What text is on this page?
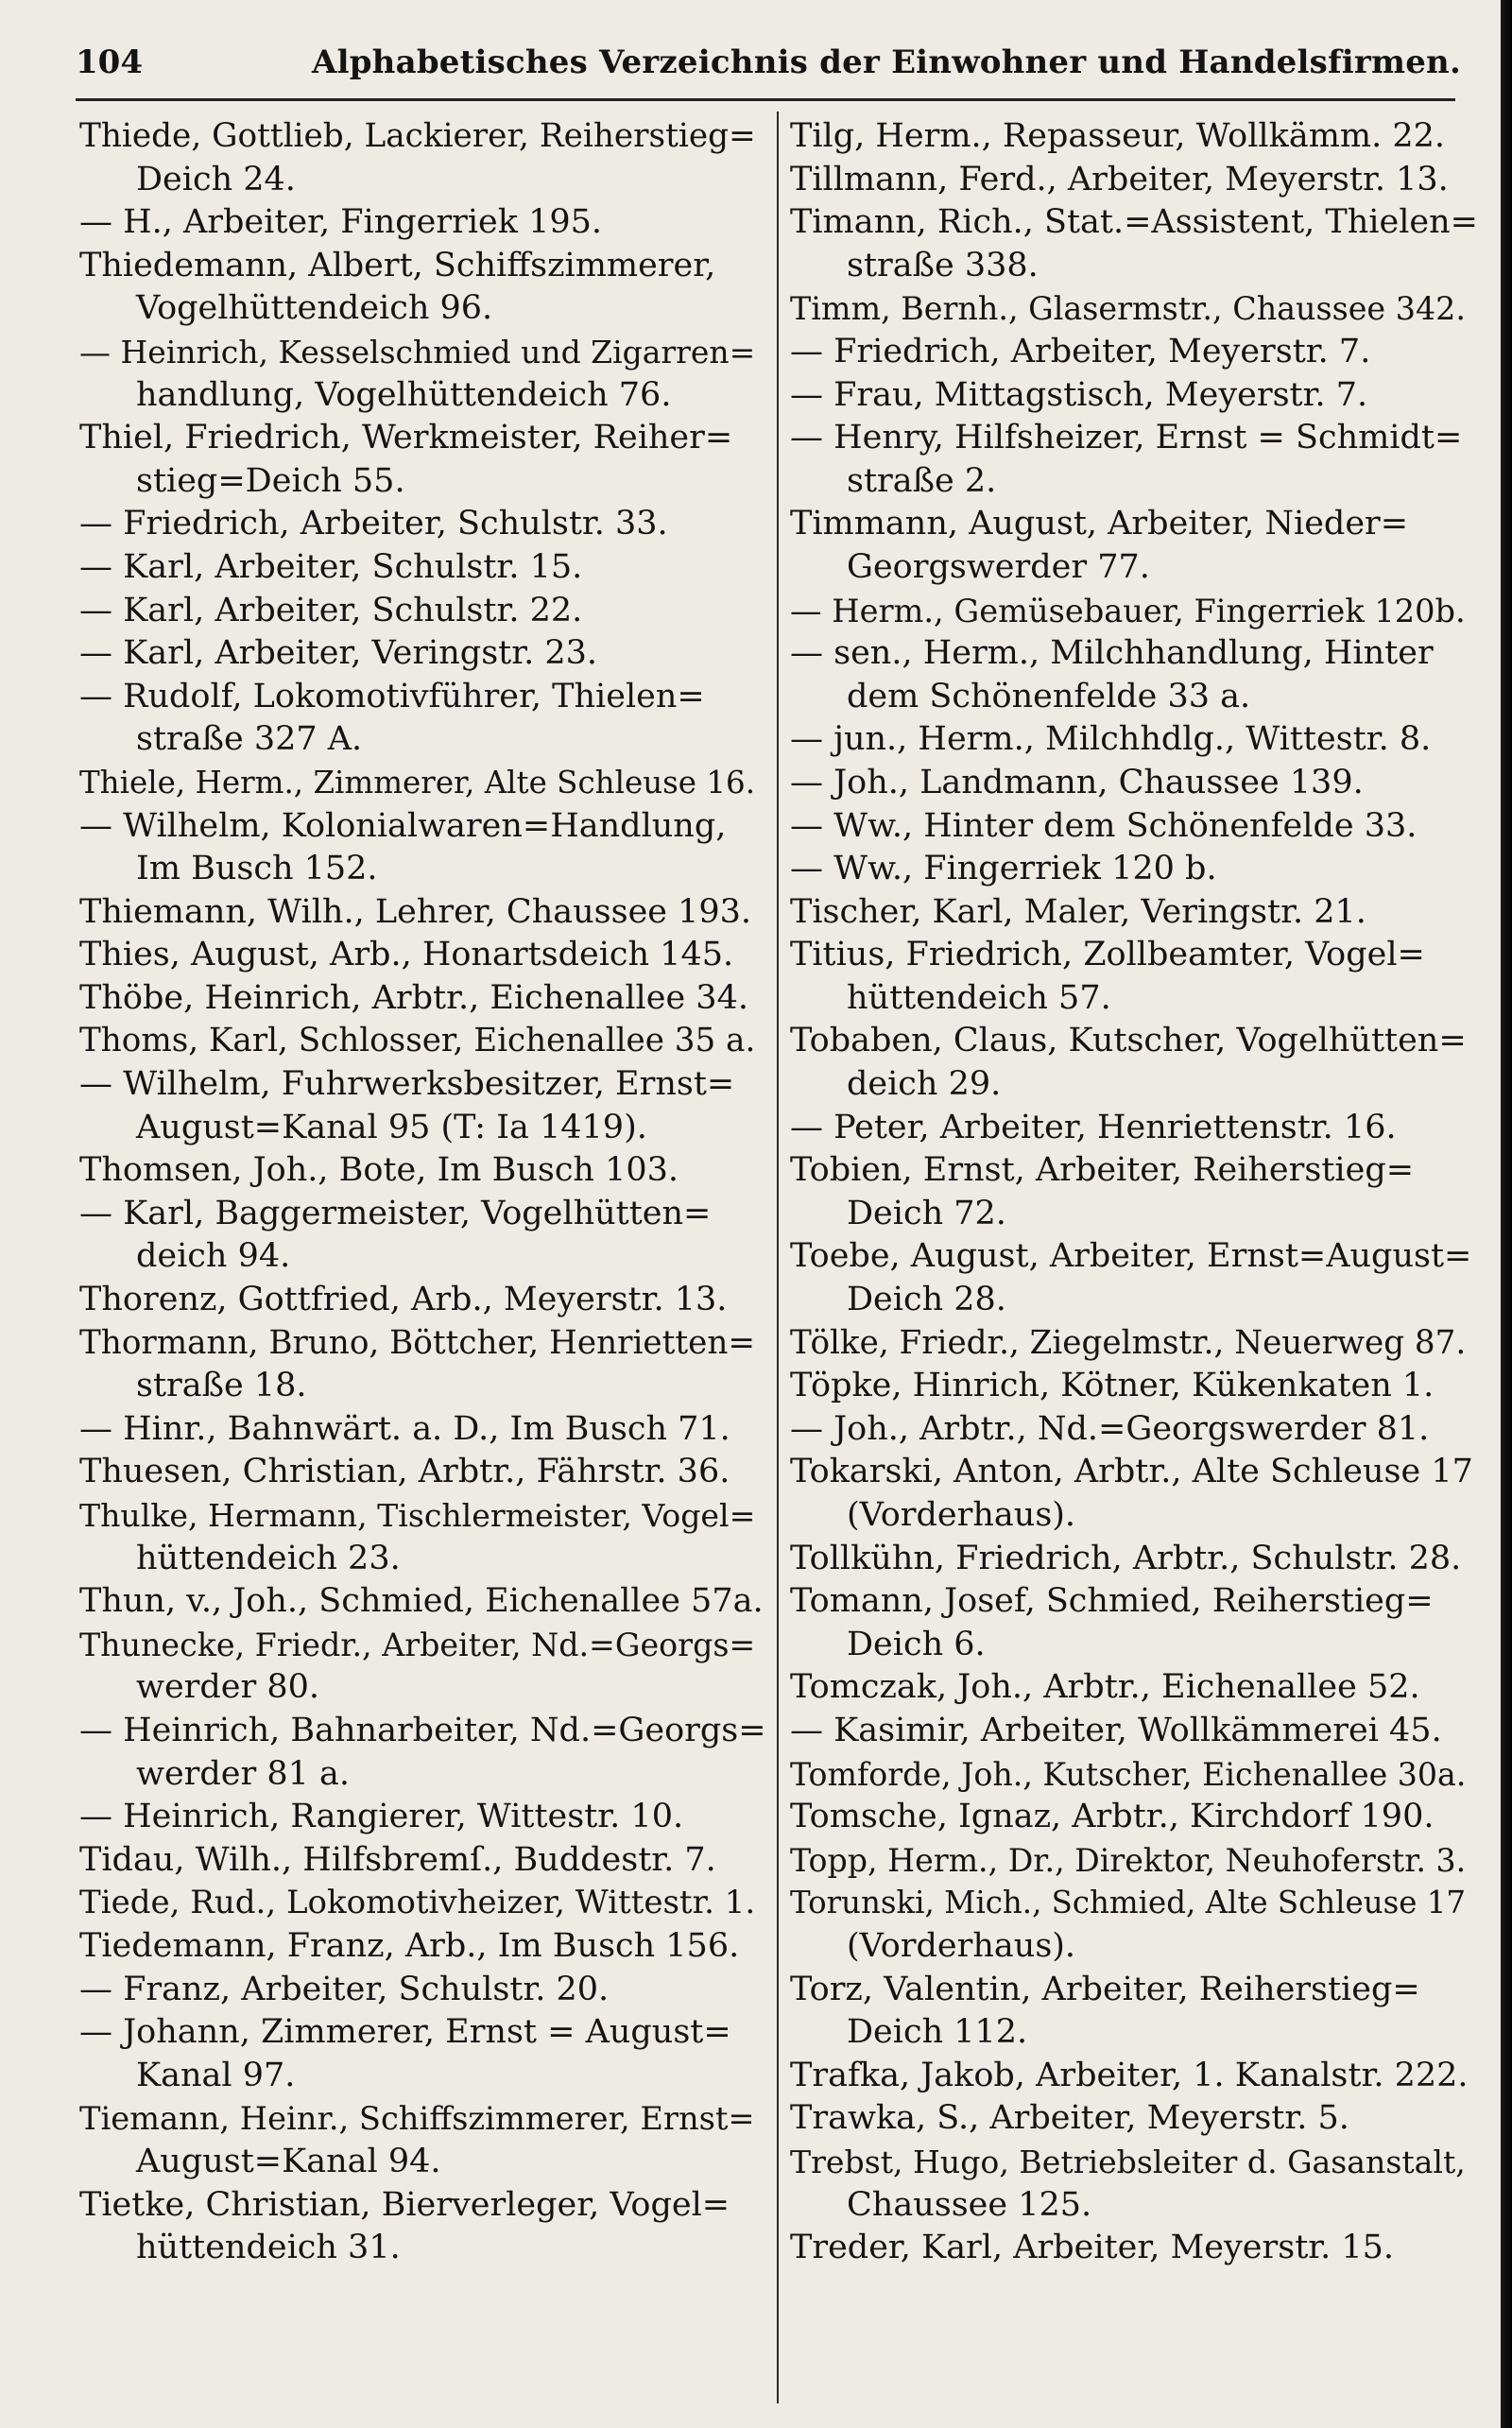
104	Alphabetisches Verzeichnis der Einwohner und Handelsfirmen.
Thiede, Gottlieb, Lackierer, Reiherstieg=
Deich 24.
— H., Arbeiter, Fingerriek 195.
Thiedemann, Albert, Schiffszimmerer,
Vogelhüttendeich 96.
— Heinrich, Kesselschmied und Zigarren=
handlung, Vogelhüttendeich 76.
Thiel, Friedrich, Werkmeister, Reiher=
stieg=Deich 55.
— Friedrich, Arbeiter, Schulstr. 33.
— Karl, Arbeiter, Schulstr. 15.
— Karl, Arbeiter, Schulstr. 22.
— Karl, Arbeiter, Veringstr. 23.
— Rudolf, Lokomotivführer, Thielen=
straße 327 A.
Thiele, Herm., Zimmerer, Alte Schleuse 16.
— Wilhelm, Kolonialwaren=Handlung,
Im Busch 152.
Thiemann, Wilh., Lehrer, Chaussee 193.
Thies, August, Arb., Honartsdeich 145.
Thöbe, Heinrich, Arbtr., Eichenallee 34.
Thoms, Karl, Schlosser, Eichenallee 35 a.
— Wilhelm, Fuhrwerksbesitzer, Ernst=
August=Kanal 95 (T: Ia 1419).
Thomsen, Joh., Bote, Im Busch 103.
— Karl, Baggermeister, Vogelhütten=
deich 94.
Thorenz, Gottfried, Arb., Meyerstr. 13.
Thormann, Bruno, Böttcher, Henrietten=
straße 18.
— Hinr., Bahnwärt. a. D., Im Busch 71.
Thuesen, Christian, Arbtr., Fährstr. 36.
Thulke, Hermann, Tischlermeister, Vogel=
hüttendeich 23.
Thun, v., Joh., Schmied, Eichenallee 57a.
Thunecke, Friedr., Arbeiter, Nd.=Georgs=
werder 80.
— Heinrich, Bahnarbeiter, Nd.=Georgs=
werder 81 a.
— Heinrich, Rangierer, Wittestr. 10.
Tidau, Wilh., Hilfsbremſ., Buddestr. 7.
Tiede, Rud., Lokomotivheizer, Wittestr. 1.
Tiedemann, Franz, Arb., Im Busch 156.
— Franz, Arbeiter, Schulstr. 20.
— Johann, Zimmerer, Ernst = August=
Kanal 97.
Tiemann, Heinr., Schiffszimmerer, Ernst=
August=Kanal 94.
Tietke, Christian, Bierverleger, Vogel=
hüttendeich 31.
Tilg, Herm., Repasseur, Wollkämm. 22.
Tillmann, Ferd., Arbeiter, Meyerstr. 13.
Timann, Rich., Stat.=Assistent, Thielen=
straße 338.
Timm, Bernh., Glasermstr., Chaussee 342.
— Friedrich, Arbeiter, Meyerstr. 7.
— Frau, Mittagstisch, Meyerstr. 7.
— Henry, Hilfsheizer, Ernst = Schmidt=
straße 2.
Timmann, August, Arbeiter, Nieder=
Georgswerder 77.
— Herm., Gemüsebauer, Fingerriek 120b.
— sen., Herm., Milchhandlung, Hinter
dem Schönenfelde 33 a.
— jun., Herm., Milchhdlg., Wittestr. 8.
— Joh., Landmann, Chaussee 139.
— Ww., Hinter dem Schönenfelde 33.
— Ww., Fingerriek 120 b.
Tischer, Karl, Maler, Veringstr. 21.
Titius, Friedrich, Zollbeamter, Vogel=
hüttendeich 57.
Tobaben, Claus, Kutscher, Vogelhütten=
deich 29.
— Peter, Arbeiter, Henriettenstr. 16.
Tobien, Ernst, Arbeiter, Reiherstieg=
Deich 72.
Toebe, August, Arbeiter, Ernst=August=
Deich 28.
Tölke, Friedr., Ziegelmstr., Neuerweg 87.
Töpke, Hinrich, Kötner, Kükenkaten 1.
— Joh., Arbtr., Nd.=Georgswerder 81.
Tokarski, Anton, Arbtr., Alte Schleuse 17
(Vorderhaus).
Tollkühn, Friedrich, Arbtr., Schulstr. 28.
Tomann, Josef, Schmied, Reiherstieg=
Deich 6.
Tomczak, Joh., Arbtr., Eichenallee 52.
— Kasimir, Arbeiter, Wollkämmerei 45.
Tomforde, Joh., Kutscher, Eichenallee 30a.
Tomsche, Ignaz, Arbtr., Kirchdorf 190.
Topp, Herm., Dr., Direktor, Neuhoferstr. 3.
Torunski, Mich., Schmied, Alte Schleuse 17
(Vorderhaus).
Torz, Valentin, Arbeiter, Reiherstieg=
Deich 112.
Trafka, Jakob, Arbeiter, 1. Kanalstr. 222.
Trawka, S., Arbeiter, Meyerstr. 5.
Trebst, Hugo, Betriebsleiter d. Gasanstalt,
Chaussee 125.
Treder, Karl, Arbeiter, Meyerstr. 15.
